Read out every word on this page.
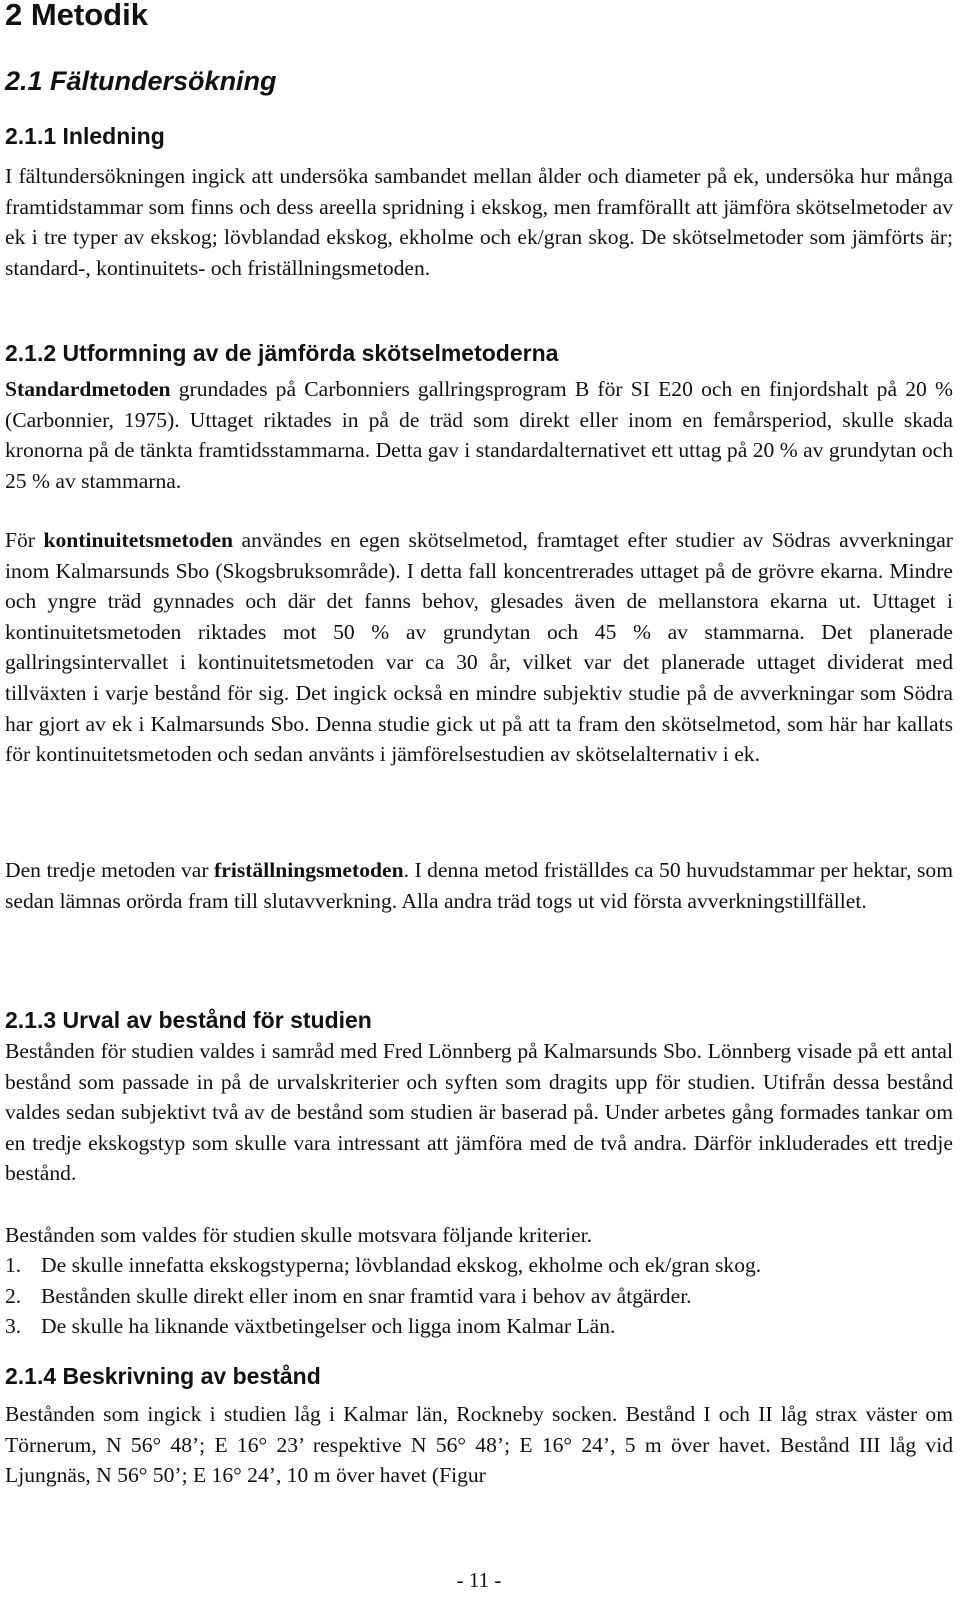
2 Metodik
2.1 Fältundersökning
2.1.1 Inledning

I fältundersökningen ingick att undersöka sambandet mellan ålder och diameter på ek, undersöka hur många framtidstammar som finns och dess areella spridning i ekskog, men framförallt att jämföra skötselmetoder av ek i tre typer av ekskog; lövblandad ekskog, ekholme och ek/gran skog. De skötselmetoder som jämförts är; standard-, kontinuitets- och friställningsmetoden.

2.1.2 Utformning av de jämförda skötselmetoderna

Standardmetoden grundades på Carbonniers gallringsprogram B för SI E20 och en finjordshalt på 20 % (Carbonnier, 1975). Uttaget riktades in på de träd som direkt eller inom en femårsperiod, skulle skada kronorna på de tänkta framtidsstammarna. Detta gav i standardalternativet ett uttag på 20 % av grundytan och 25 % av stammarna.

För kontinuitetsmetoden användes en egen skötselmetod, framtaget efter studier av Södras avverkningar inom Kalmarsunds Sbo (Skogsbruksområde). I detta fall koncentrerades uttaget på de grövre ekarna. Mindre och yngre träd gynnades och där det fanns behov, glesades även de mellanstora ekarna ut. Uttaget i kontinuitetsmetoden riktades mot 50 % av grundytan och 45 % av stammarna. Det planerade gallringsintervallet i kontinuitetsmetoden var ca 30 år, vilket var det planerade uttaget dividerat med tillväxten i varje bestånd för sig. Det ingick också en mindre subjektiv studie på de avverkningar som Södra har gjort av ek i Kalmarsunds Sbo. Denna studie gick ut på att ta fram den skötselmetod, som här har kallats för kontinuitetsmetoden och sedan använts i jämförelsestudien av skötselalternativ i ek.

Den tredje metoden var friställningsmetoden. I denna metod friställdes ca 50 huvudstammar per hektar, som sedan lämnas orörda fram till slutavverkning. Alla andra träd togs ut vid första avverkningstillfället.

2.1.3 Urval av bestånd för studien

Bestånden för studien valdes i samråd med Fred Lönnberg på Kalmarsunds Sbo. Lönnberg visade på ett antal bestånd som passade in på de urvalskriterier och syften som dragits upp för studien. Utifrån dessa bestånd valdes sedan subjektivt två av de bestånd som studien är baserad på. Under arbetes gång formades tankar om en tredje ekskogstyp som skulle vara intressant att jämföra med de två andra. Därför inkluderades ett tredje bestånd.

Bestånden som valdes för studien skulle motsvara följande kriterier.

1. De skulle innefatta ekskogstyperna; lövblandad ekskog, ekholme och ek/gran skog.
2. Bestånden skulle direkt eller inom en snar framtid vara i behov av åtgärder.
3. De skulle ha liknande växtbetingelser och ligga inom Kalmar Län.
2.1.4 Beskrivning av bestånd

Bestånden som ingick i studien låg i Kalmar län, Rockneby socken. Bestånd I och II låg strax väster om Törnerum, N 56° 48’; E 16° 23’ respektive N 56° 48’; E 16° 24’, 5 m över havet. Bestånd III låg vid Ljungnäs, N 56° 50’; E 16° 24’, 10 m över havet (Figur

- 11 -
